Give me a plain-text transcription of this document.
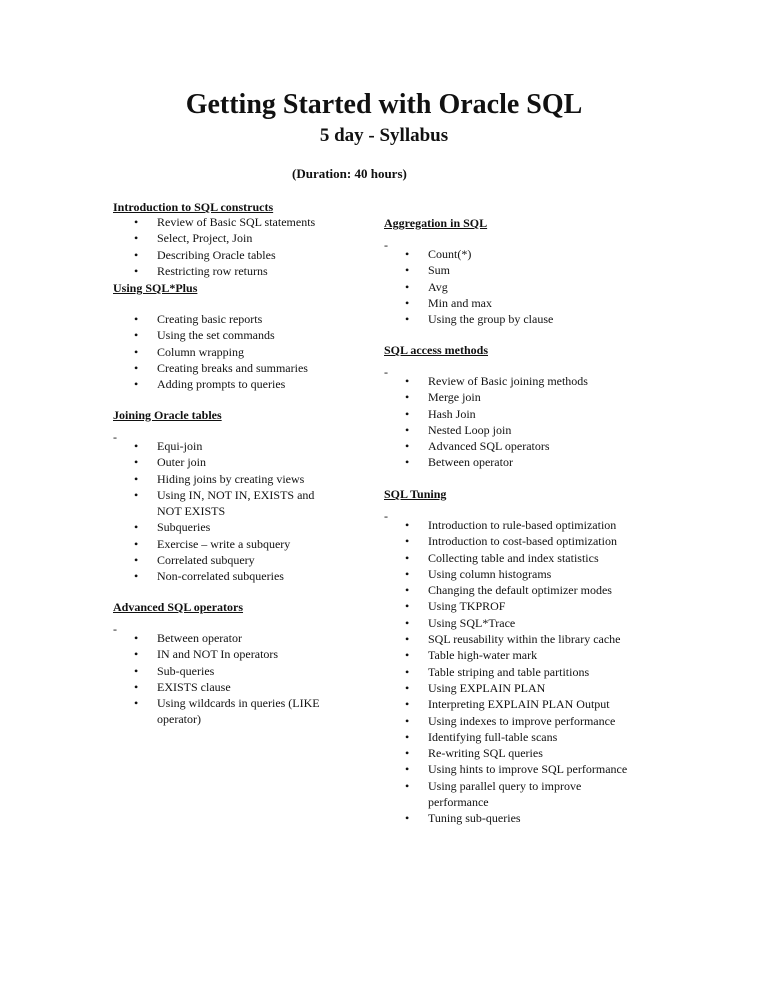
Getting Started with Oracle SQL
5 day - Syllabus
(Duration: 40 hours)
Introduction to SQL constructs
• Review of Basic SQL statements
• Select, Project, Join
• Describing Oracle tables
• Restricting row returns
Using SQL*Plus
• Creating basic reports
• Using the set commands
• Column wrapping
• Creating breaks and summaries
• Adding prompts to queries
Joining Oracle tables
-
• Equi-join
• Outer join
• Hiding joins by creating views
• Using IN, NOT IN, EXISTS and NOT EXISTS
• Subqueries
• Exercise – write a subquery
• Correlated subquery
• Non-correlated subqueries
Advanced SQL operators
-
• Between operator
• IN and NOT In operators
• Sub-queries
• EXISTS clause
• Using wildcards in queries (LIKE operator)
Aggregation in SQL
-
• Count(*)
• Sum
• Avg
• Min and max
• Using the group by clause
SQL access methods
-
• Review of Basic joining methods
• Merge join
• Hash Join
• Nested Loop join
• Advanced SQL operators
• Between operator
SQL Tuning
-
• Introduction to rule-based optimization
• Introduction to cost-based optimization
• Collecting table and index statistics
• Using column histograms
• Changing the default optimizer modes
• Using TKPROF
• Using SQL*Trace
• SQL reusability within the library cache
• Table high-water mark
• Table striping and table partitions
• Using EXPLAIN PLAN
• Interpreting EXPLAIN PLAN Output
• Using indexes to improve performance
• Identifying full-table scans
• Re-writing SQL queries
• Using hints to improve SQL performance
• Using parallel query to improve performance
• Tuning sub-queries
